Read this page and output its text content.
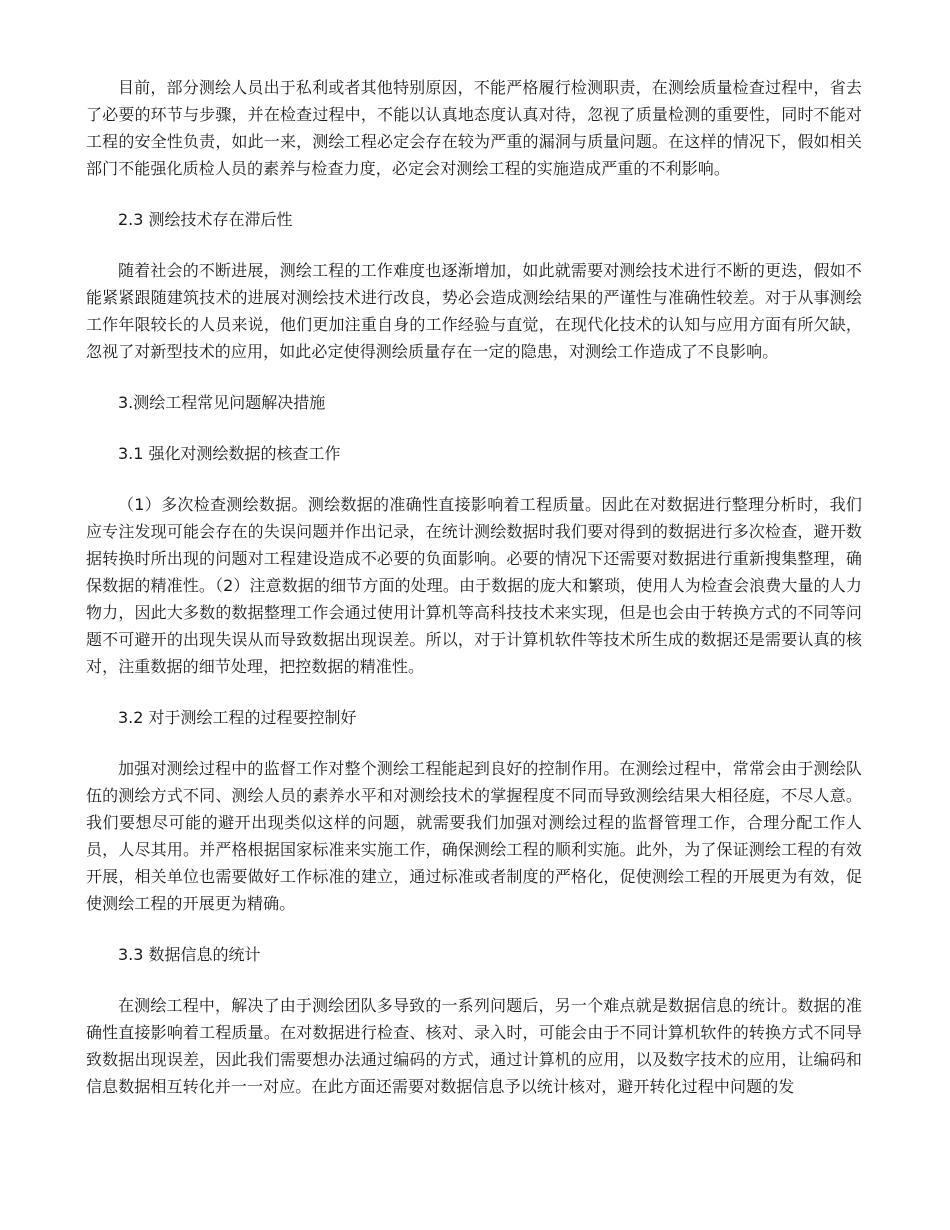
目前，部分测绘人员出于私利或者其他特别原因，不能严格履行检测职责，在测绘质量检查过程中，省去了必要的环节与步骤，并在检查过程中，不能以认真地态度认真对待，忽视了质量检测的重要性，同时不能对工程的安全性负责，如此一来，测绘工程必定会存在较为严重的漏洞与质量问题。在这样的情况下，假如相关部门不能强化质检人员的素养与检查力度，必定会对测绘工程的实施造成严重的不利影响。

2.3 测绘技术存在滞后性

随着社会的不断进展，测绘工程的工作难度也逐渐增加，如此就需要对测绘技术进行不断的更迭，假如不能紧紧跟随建筑技术的进展对测绘技术进行改良，势必会造成测绘结果的严谨性与准确性较差。对于从事测绘工作年限较长的人员来说，他们更加注重自身的工作经验与直觉，在现代化技术的认知与应用方面有所欠缺，忽视了对新型技术的应用，如此必定使得测绘质量存在一定的隐患，对测绘工作造成了不良影响。

3.测绘工程常见问题解决措施

3.1 强化对测绘数据的核查工作

（1）多次检查测绘数据。测绘数据的准确性直接影响着工程质量。因此在对数据进行整理分析时，我们应专注发现可能会存在的失误问题并作出记录，在统计测绘数据时我们要对得到的数据进行多次检查，避开数据转换时所出现的问题对工程建设造成不必要的负面影响。必要的情况下还需要对数据进行重新搜集整理，确保数据的精准性。（2）注意数据的细节方面的处理。由于数据的庞大和繁琐，使用人为检查会浪费大量的人力物力，因此大多数的数据整理工作会通过使用计算机等高科技技术来实现，但是也会由于转换方式的不同等问题不可避开的出现失误从而导致数据出现误差。所以，对于计算机软件等技术所生成的数据还是需要认真的核对，注重数据的细节处理，把控数据的精准性。

3.2 对于测绘工程的过程要控制好

加强对测绘过程中的监督工作对整个测绘工程能起到良好的控制作用。在测绘过程中，常常会由于测绘队伍的测绘方式不同、测绘人员的素养水平和对测绘技术的掌握程度不同而导致测绘结果大相径庭，不尽人意。我们要想尽可能的避开出现类似这样的问题，就需要我们加强对测绘过程的监督管理工作，合理分配工作人员，人尽其用。并严格根据国家标准来实施工作，确保测绘工程的顺利实施。此外，为了保证测绘工程的有效开展，相关单位也需要做好工作标准的建立，通过标准或者制度的严格化，促使测绘工程的开展更为有效，促使测绘工程的开展更为精确。

3.3 数据信息的统计

在测绘工程中，解决了由于测绘团队多导致的一系列问题后，另一个难点就是数据信息的统计。数据的准确性直接影响着工程质量。在对数据进行检查、核对、录入时，可能会由于不同计算机软件的转换方式不同导致数据出现误差，因此我们需要想办法通过编码的方式，通过计算机的应用，以及数字技术的应用，让编码和信息数据相互转化并一一对应。在此方面还需要对数据信息予以统计核对，避开转化过程中问题的发
